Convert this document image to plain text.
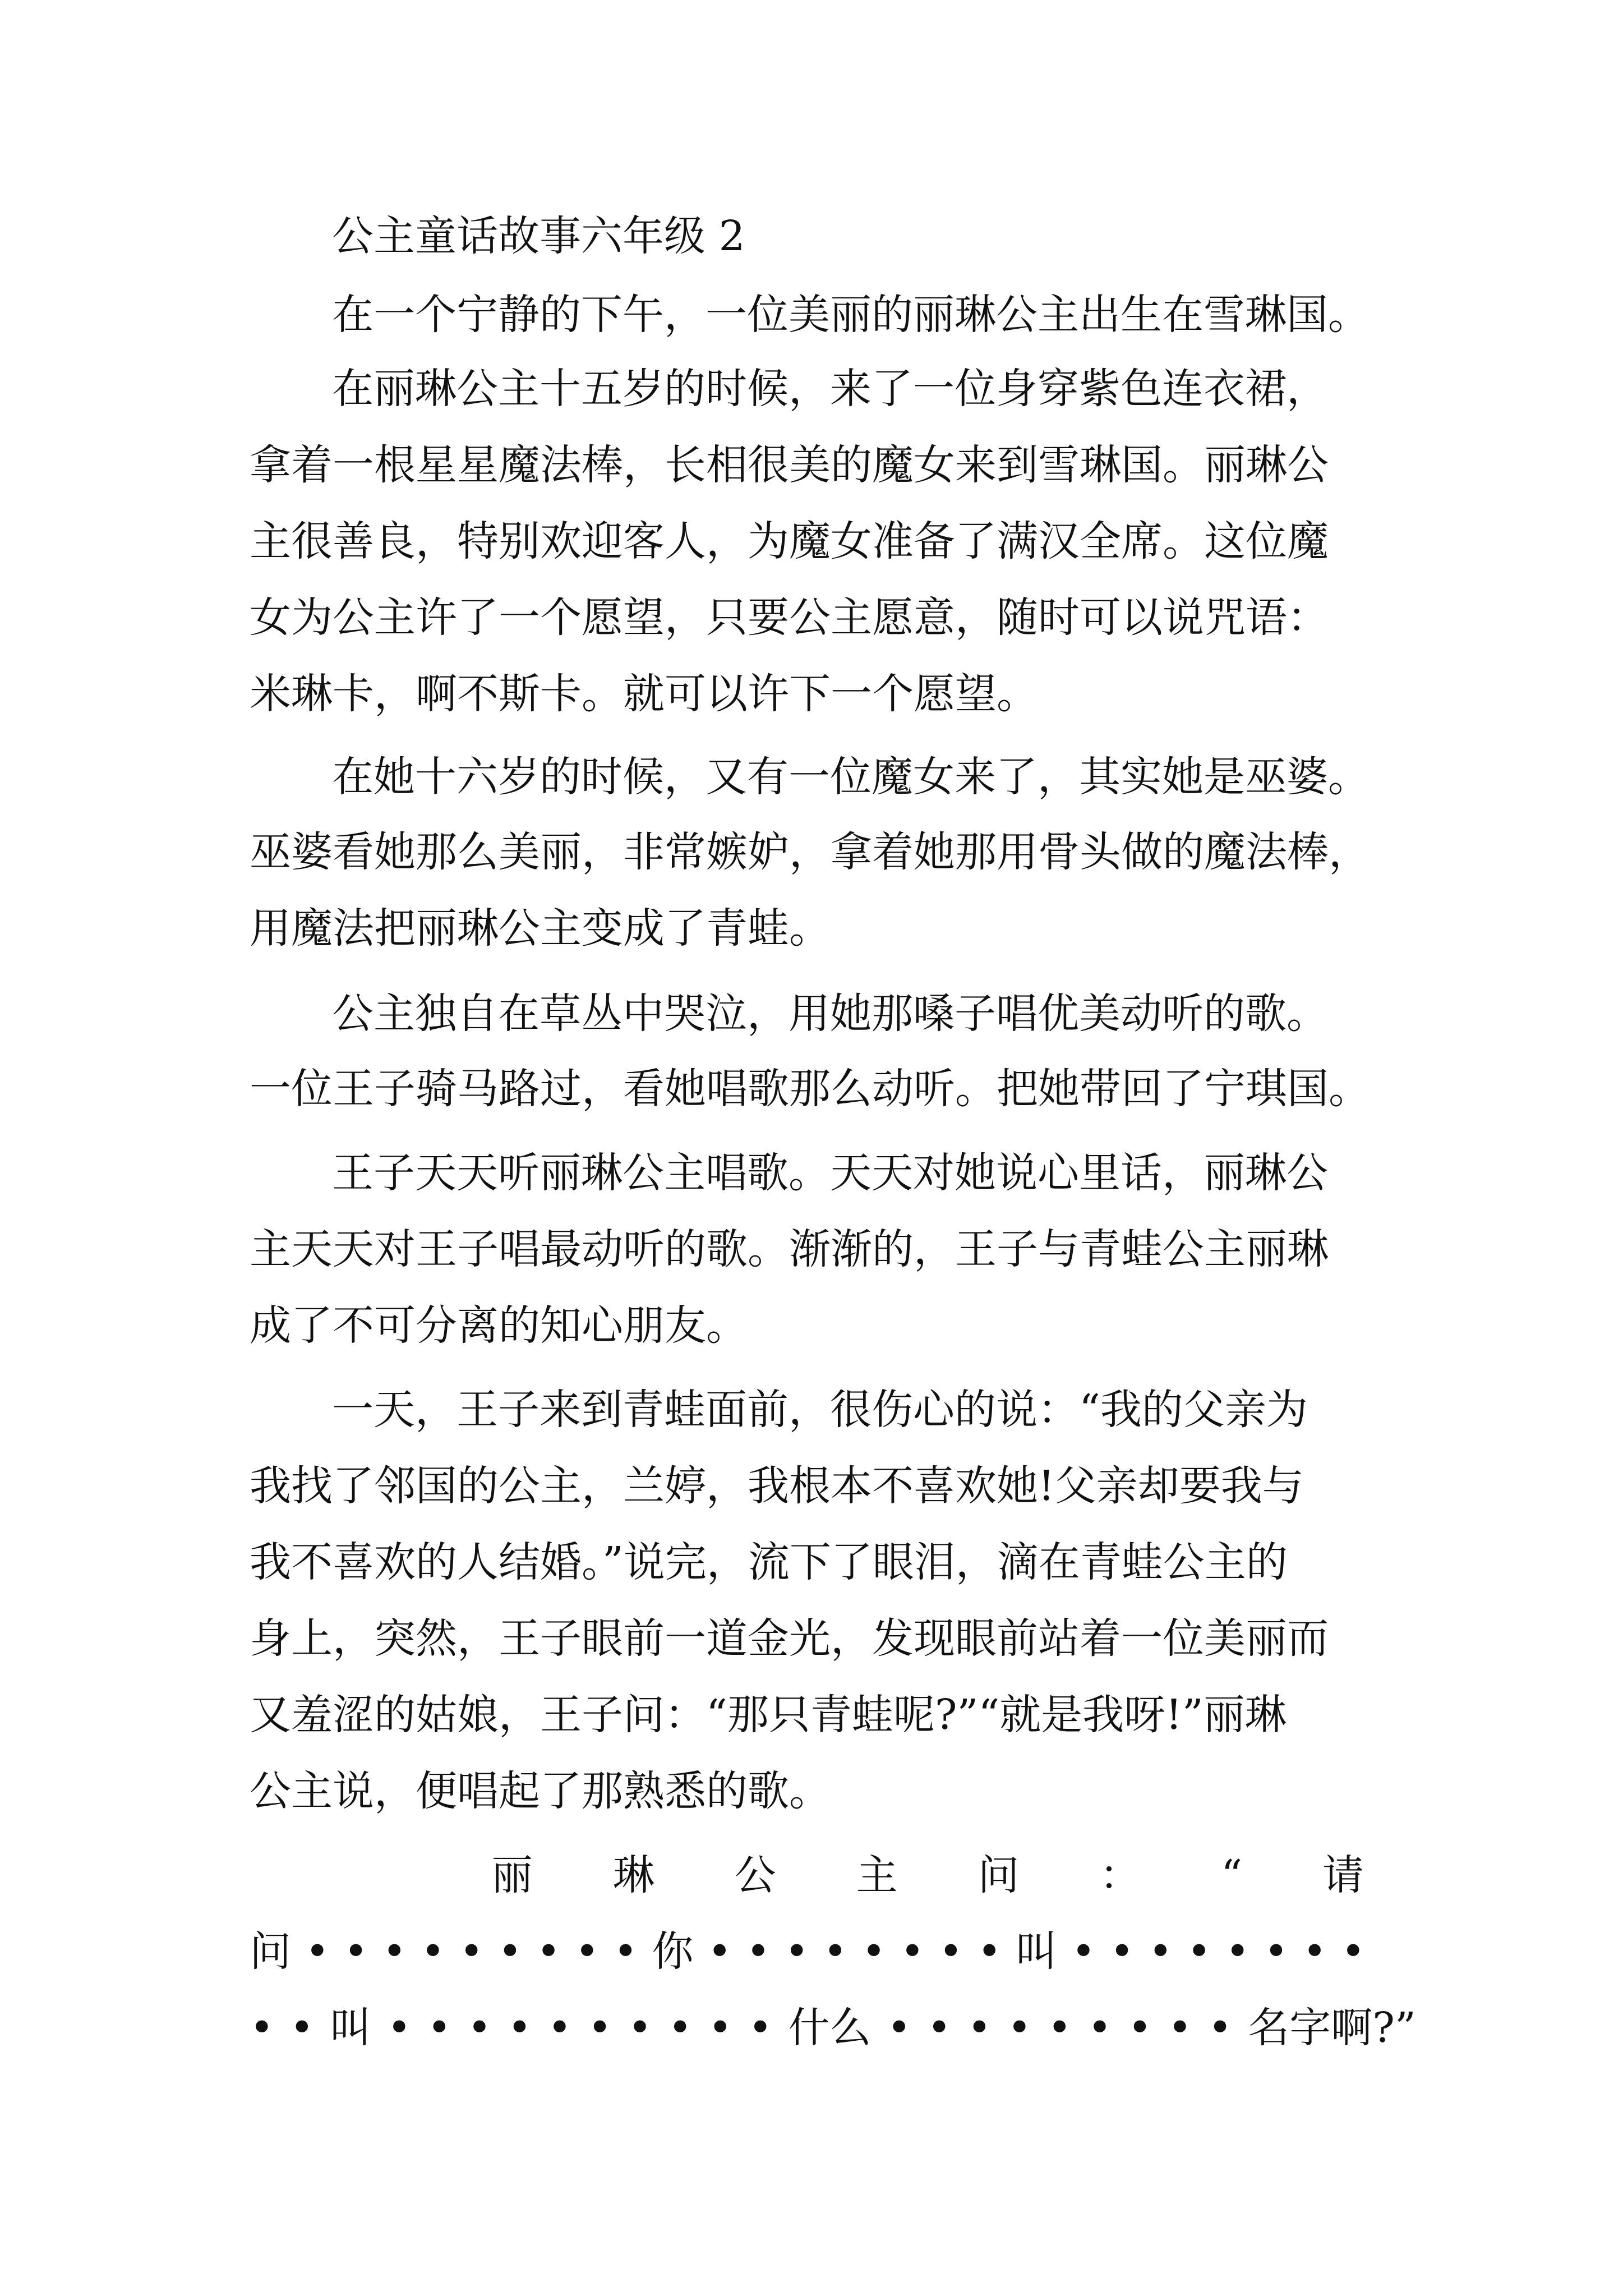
公主童话故事六年级 2
在一个宁静的下午，一位美丽的丽琳公主出生在雪琳国。
在丽琳公主十五岁的时候，来了一位身穿紫色连衣裙，
拿着一根星星魔法棒，长相很美的魔女来到雪琳国。丽琳公
主很善良，特别欢迎客人，为魔女准备了满汉全席。这位魔
女为公主许了一个愿望，只要公主愿意，随时可以说咒语：
米琳卡，啊不斯卡。就可以许下一个愿望。
在她十六岁的时候，又有一位魔女来了，其实她是巫婆。
巫婆看她那么美丽，非常嫉妒，拿着她那用骨头做的魔法棒，
用魔法把丽琳公主变成了青蛙。
公主独自在草丛中哭泣，用她那嗓子唱优美动听的歌。
一位王子骑马路过，看她唱歌那么动听。把她带回了宁琪国。
王子天天听丽琳公主唱歌。天天对她说心里话，丽琳公
主天天对王子唱最动听的歌。渐渐的，王子与青蛙公主丽琳
成了不可分离的知心朋友。
一天，王子来到青蛙面前，很伤心的说：“我的父亲为
我找了邻国的公主，兰婷，我根本不喜欢她!父亲却要我与
我不喜欢的人结婚。”说完，流下了眼泪，滴在青蛙公主的
身上，突然，王子眼前一道金光，发现眼前站着一位美丽而
又羞涩的姑娘，王子问：“那只青蛙呢?”“就是我呀!”丽琳
公主说，便唱起了那熟悉的歌。
丽 琳 公 主 问 ： “ 请
问 • • • • • • • • • 你 • • • • • • • • 叫 • • • • • • • •
• • 叫 • • • • • • • • • • 什么 • • • • • • • • • 名字啊?”
